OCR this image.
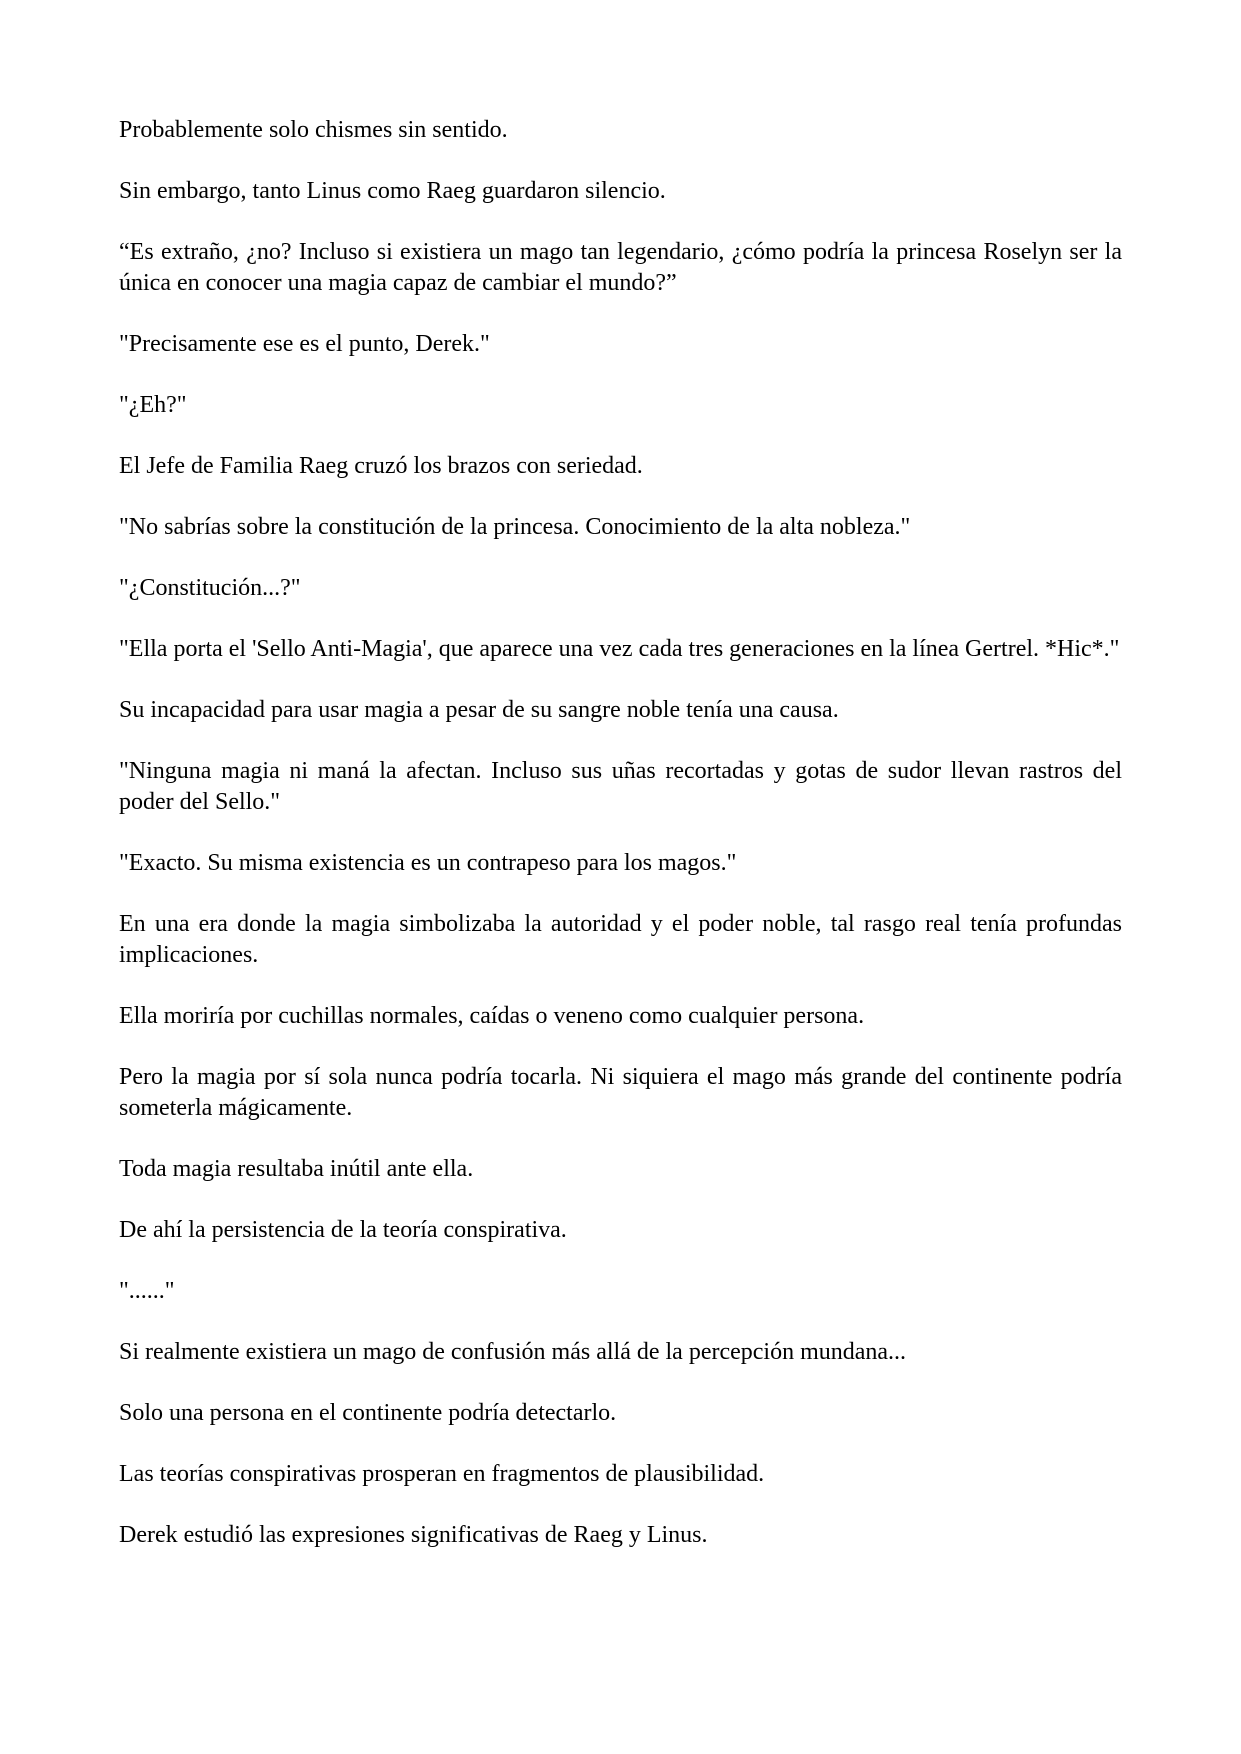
Probablemente solo chismes sin sentido.

Sin embargo, tanto Linus como Raeg guardaron silencio.

“Es extraño, ¿no? Incluso si existiera un mago tan legendario, ¿cómo podría la princesa Roselyn ser la única en conocer una magia capaz de cambiar el mundo?”

"Precisamente ese es el punto, Derek."

"¿Eh?"

El Jefe de Familia Raeg cruzó los brazos con seriedad.

"No sabrías sobre la constitución de la princesa. Conocimiento de la alta nobleza."

"¿Constitución...?"

"Ella porta el 'Sello Anti-Magia', que aparece una vez cada tres generaciones en la línea Gertrel. *Hic*."

Su incapacidad para usar magia a pesar de su sangre noble tenía una causa.

"Ninguna magia ni maná la afectan. Incluso sus uñas recortadas y gotas de sudor llevan rastros del poder del Sello."

"Exacto. Su misma existencia es un contrapeso para los magos."

En una era donde la magia simbolizaba la autoridad y el poder noble, tal rasgo real tenía profundas implicaciones.

Ella moriría por cuchillas normales, caídas o veneno como cualquier persona.

Pero la magia por sí sola nunca podría tocarla. Ni siquiera el mago más grande del continente podría someterla mágicamente.

Toda magia resultaba inútil ante ella.

De ahí la persistencia de la teoría conspirativa.

"......"

Si realmente existiera un mago de confusión más allá de la percepción mundana...

Solo una persona en el continente podría detectarlo.

Las teorías conspirativas prosperan en fragmentos de plausibilidad.

Derek estudió las expresiones significativas de Raeg y Linus.
